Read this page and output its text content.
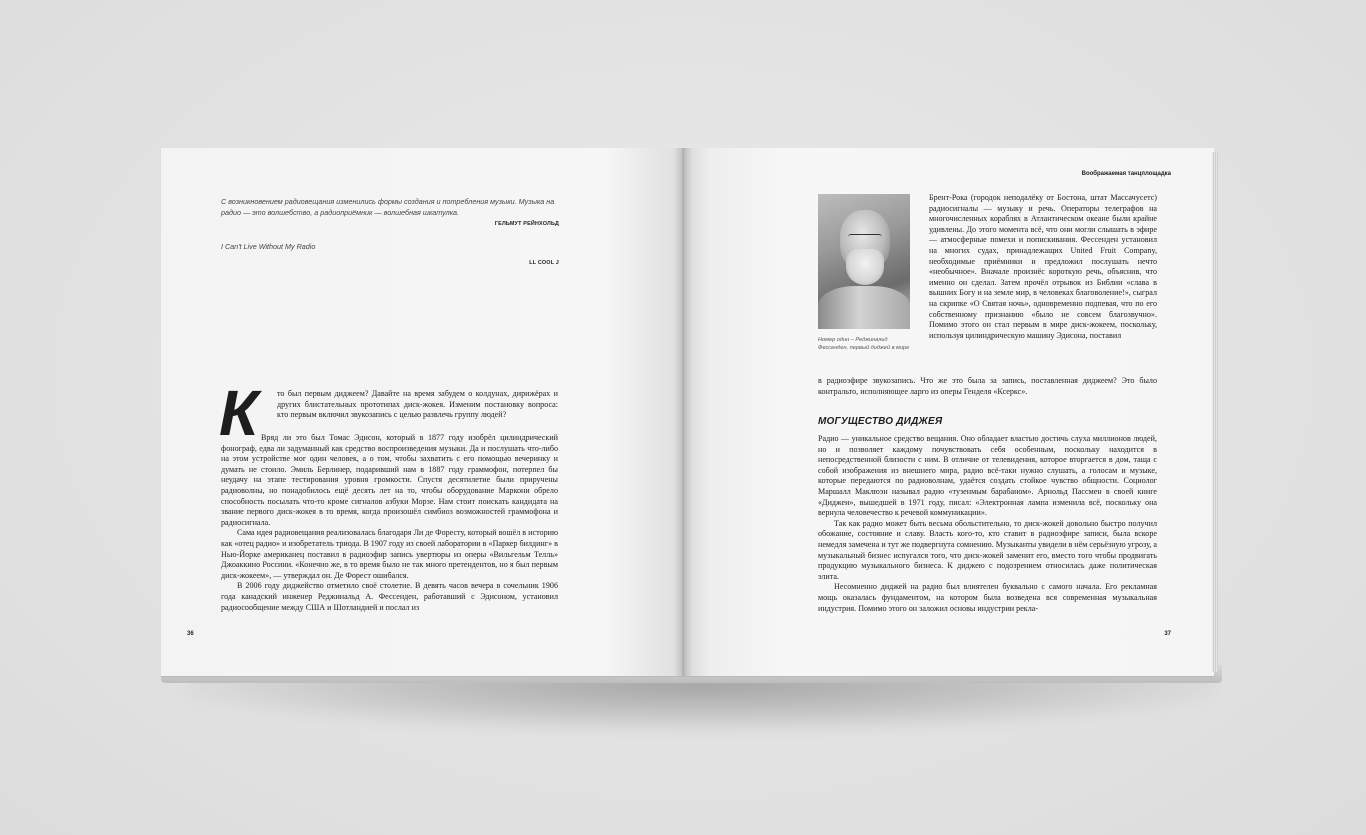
С возникновением радиовещания изменились формы создания и потребления музыки. Музыка на радио — это волшебство, а радиоприёмник — волшебная шкатулка.
ГЕЛЬМУТ РЕЙНХОЛЬД
I Can't Live Without My Radio
LL COOL J
К	то был первым диджеем? Давайте на время забудем о колдунах, дирижёрах и других блистательных прототипах диск-жокея. Изменим постановку вопроса: кто первым включил звукозапись с целью развлечь группу людей?

Вряд ли это был Томас Эдисон, который в 1877 году изобрёл цилиндрический фонограф, едва ли задуманный как средство воспроизведения музыки. Да и послушать что-либо на этом устройстве мог один человек, а о том, чтобы захватить с его помощью вечеринку и думать не стоило. Эмиль Берлинер, подаривший нам в 1887 году граммофон, потерпел бы неудачу на этапе тестирования уровня громкости. Спустя десятилетие были приручены радиоволны, но понадобилось ещё десять лет на то, чтобы оборудование Маркони обрело способность посылать что-то кроме сигналов азбуки Морзе. Нам стоит поискать кандидата на звание первого диск-жокея в то время, когда произошёл симбиоз возможностей граммофона и радиосигнала.

Сама идея радиовещания реализовалась благодаря Ли де Форесту, который вошёл в историю как «отец радио» и изобретатель триода. В 1907 году из своей лаборатории в «Паркер билдинг» в Нью-Йорке американец поставил в радиоэфир запись увертюры из оперы «Вильгельм Телль» Джоаккино Россини. «Конечно же, в то время было не так много претендентов, но я был первым диск-жокеем», — утверждал он. Де Форест ошибался.

В 2006 году диджейство отметило своё столетие. В девять часов вечера в сочельник 1906 года канадский инженер Реджинальд А. Фессенден, работавший с Эдисоном, установил радиосообщение между США и Шотландией и послал из

36
Воображаемая танцплощадка
Номер один – Реджинальд Фессенден, первый диджей в мире

Брент-Рока (городок неподалёку от Бостона, штат Массачусетс) радиосигналы — музыку и речь. Операторы телеграфов на многочисленных кораблях в Атлантическом океане были крайне удивлены. До этого момента всё, что они могли слышать в эфире — атмосферные помехи и попискивания. Фессенден установил на многих судах, принадлежащих United Fruit Company, необходимые приёмники и предложил послушать нечто «необычное». Вначале произнёс короткую речь, объяснив, что именно он сделал. Затем прочёл отрывок из Библии «слава в вышних Богу и на земле мир, в человеках благоволение!», сыграл на скрипке «О Святая ночь», одновременно подпевая, что по его собственному признанию «было не совсем благозвучно». Помимо этого он стал первым в мире диск-жокеем, поскольку, используя цилиндрическую машину Эдисона, поставил

в радиоэфире звукозапись. Что же это была за запись, поставленная диджеем? Это было контральто, исполняющее ларго из оперы Генделя «Ксеркс».

МОГУЩЕСТВО ДИДЖЕЯ

Радио — уникальное средство вещания. Оно обладает властью достичь слуха миллионов людей, но и позволяет каждому почувствовать себя особенным, поскольку находится в непосредственной близости с ним. В отличие от телевидения, которое вторгается в дом, таща с собой изображения из внешнего мира, радио всё-таки нужно слушать, а голосам и музыке, которые передаются по радиоволнам, удаётся создать стойкое чувство общности. Социолог Маршалл Маклюэн называл радио «тузенмым барабаном». Арнольд Пассмен в своей книге «Диджеи», вышедшей в 1971 году, писал: «Электронная лампа изменила всё, поскольку она вернула человечество к речевой коммуникации».

Так как радио может быть весьма обольстительно, то диск-жокей довольно быстро получил обожание, состояние и славу. Власть кого-то, кто ставит в радиоэфире записи, была вскоре немедля замечена и тут же подвергнута сомнению. Музыканты увидели в нём серьёзную угрозу, а музыкальный бизнес испугался того, что диск-жокей заменит его, вместо того чтобы продвигать продукцию музыкального бизнеса. К диджею с подозрением относилась даже политическая элита.

Несомненно диджей на радио был влиятелен буквально с самого начала. Его рекламная мощь оказалась фундаментом, на котором была возведена вся современная музыкальная индустрия. Помимо этого он заложил основы индустрии рекла-

37
